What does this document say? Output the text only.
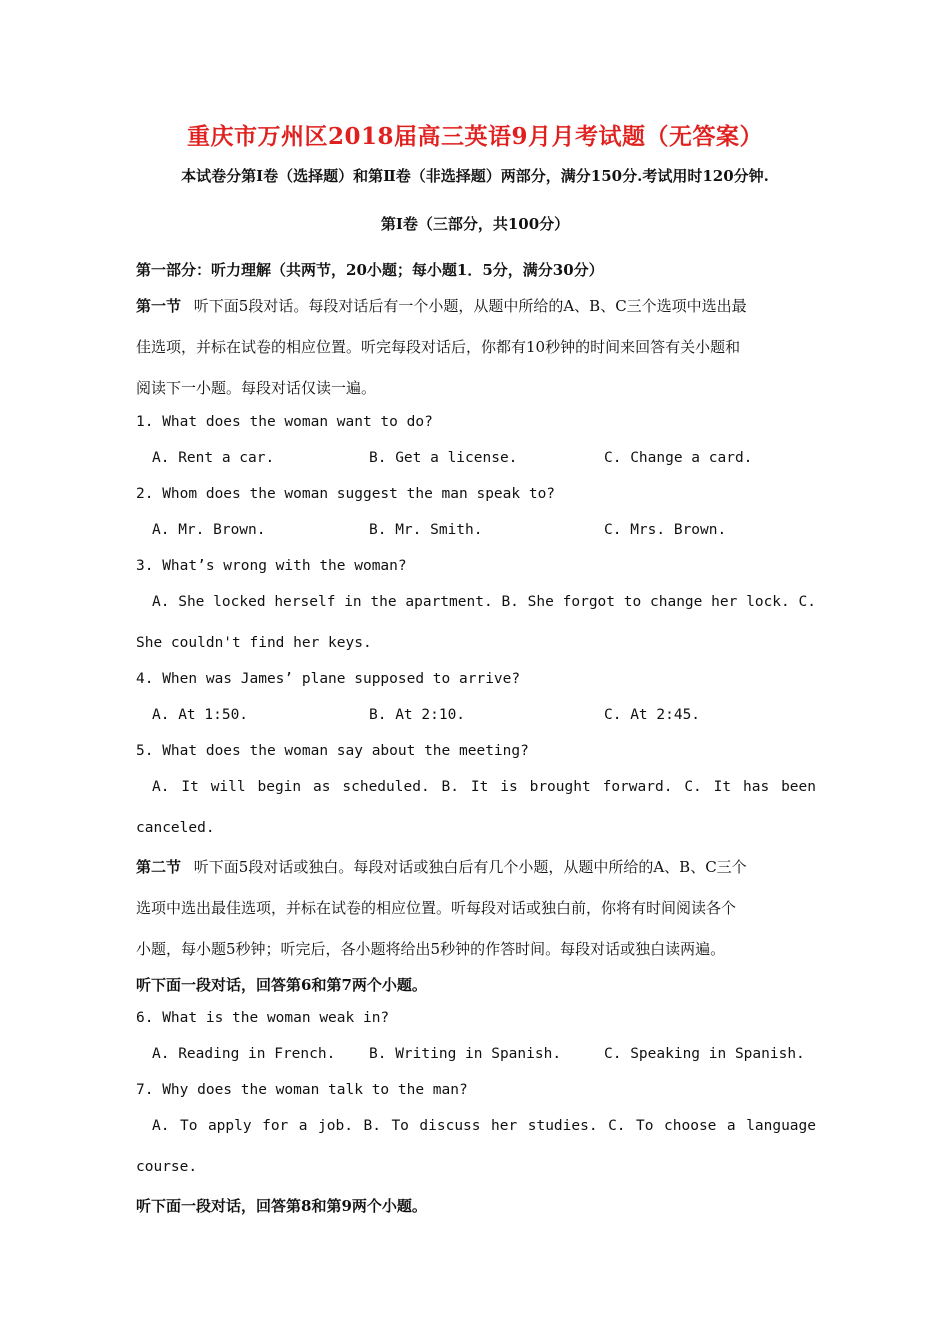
重庆市万州区2018届高三英语9月月考试题（无答案）
本试卷分第Ⅰ卷（选择题）和第Ⅱ卷（非选择题）两部分，满分150分.考试用时120分钟.
第Ⅰ卷（三部分，共100分）
第一部分：听力理解（共两节，20小题；每小题1．5分，满分30分）
第一节 听下面5段对话。每段对话后有一个小题，从题中所给的A、B、C三个选项中选出最
佳选项，并标在试卷的相应位置。听完每段对话后，你都有10秒钟的时间来回答有关小题和
阅读下一小题。每段对话仅读一遍。
1. What does the woman want to do?
A. Rent a car.	B. Get a license.	C. Change a card.
2. Whom does the woman suggest the man speak to?
A. Mr. Brown.	B. Mr. Smith.	C. Mrs. Brown.
3. What’s wrong with the woman?
A. She locked herself in the apartment. B. She forgot to change her lock. C.
She couldn't find her keys.
4. When was James’ plane supposed to arrive?
A. At 1:50.	B. At 2:10.	C. At 2:45.
5. What does the woman say about the meeting?
A. It will begin as scheduled. B. It is brought forward. C. It has been
canceled.
第二节 听下面5段对话或独白。每段对话或独白后有几个小题，从题中所给的A、B、C三个
选项中选出最佳选项，并标在试卷的相应位置。听每段对话或独白前，你将有时间阅读各个
小题，每小题5秒钟；听完后，各小题将给出5秒钟的作答时间。每段对话或独白读两遍。
听下面一段对话，回答第6和第7两个小题。
6. What is the woman weak in?
A. Reading in French. B. Writing in Spanish.	C. Speaking in Spanish.
7. Why does the woman talk to the man?
A. To apply for a job. B. To discuss her studies. C. To choose a language
course.
听下面一段对话，回答第8和第9两个小题。
